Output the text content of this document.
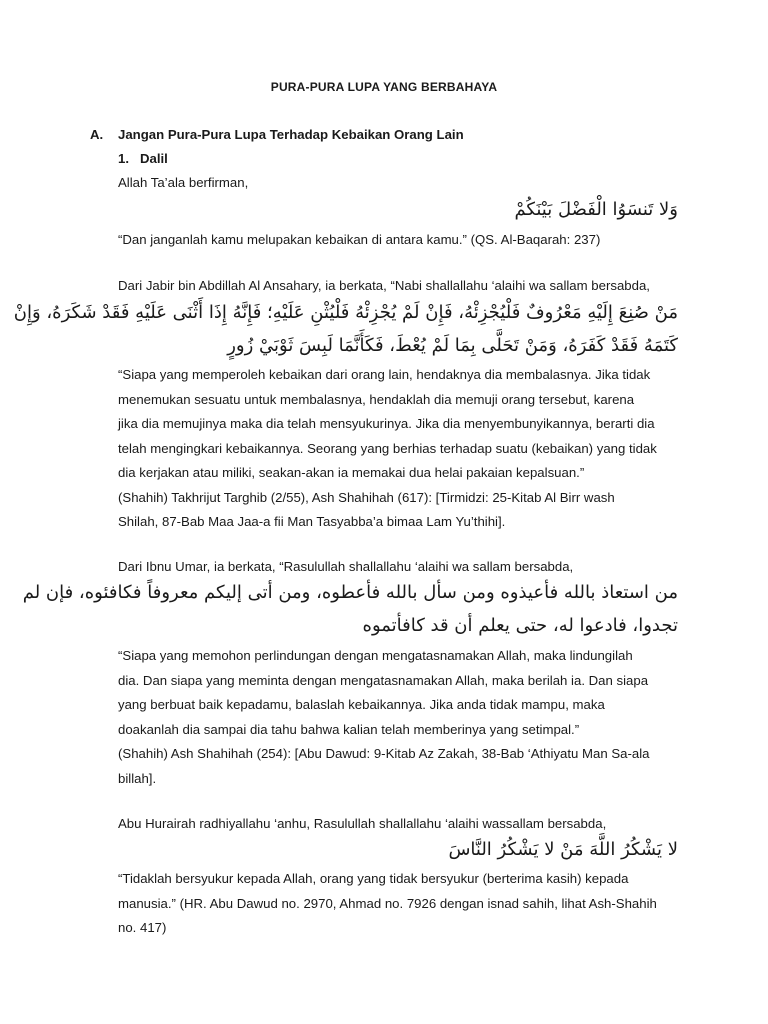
PURA-PURA LUPA YANG BERBAHAYA
A. Jangan Pura-Pura Lupa Terhadap Kebaikan Orang Lain
1. Dalil
Allah Ta’ala berfirman,
وَلا تَنسَوُا الْفَضْلَ بَيْنَكُمْ
“Dan janganlah kamu melupakan kebaikan di antara kamu.” (QS. Al-Baqarah: 237)
Dari Jabir bin Abdillah Al Ansahary, ia berkata, “Nabi shallallahu ‘alaihi wa sallam bersabda,
مَنْ صُنِعَ إِلَيْهِ مَعْرُوفٌ فَلْيُجْزِئْهُ، فَإِنْ لَمْ يُجْزِئْهُ فَلْيُثْنِ عَلَيْهِ؛ فَإِنَّهُ إِذَا أَثْنَى عَلَيْهِ فَقَدْ شَكَرَهُ، وَإِنْ
كَتَمَهُ فَقَدْ كَفَرَهُ، وَمَنْ تَحَلَّى بِمَا لَمْ يُعْطَ، فَكَأَنَّمَا لَبِسَ ثَوْبَيْ زُورٍ
“Siapa yang memperoleh kebaikan dari orang lain, hendaknya dia membalasnya. Jika tidak
menemukan sesuatu untuk membalasnya, hendaklah dia memuji orang tersebut, karena
jika dia memujinya maka dia telah mensyukurinya. Jika dia menyembunyikannya, berarti dia
telah mengingkari kebaikannya. Seorang yang berhias terhadap suatu (kebaikan) yang tidak
dia kerjakan atau miliki, seakan-akan ia memakai dua helai pakaian kepalsuan.”
(Shahih) Takhrijut Targhib (2/55), Ash Shahihah (617): [Tirmidzi: 25-Kitab Al Birr wash
Shilah, 87-Bab Maa Jaa-a fii Man Tasyabba’a bimaa Lam Yu’thihi].
Dari Ibnu Umar, ia berkata, “Rasulullah shallallahu ‘alaihi wa sallam bersabda,
من استعاذ بالله فأعيذوه ومن سأل بالله فأعطوه، ومن أتى إليكم معروفاً فكافئوه، فإن لم
تجدوا، فادعوا له، حتى يعلم أن قد كافأتموه
“Siapa yang memohon perlindungan dengan mengatasnamakan Allah, maka lindungilah
dia. Dan siapa yang meminta dengan mengatasnamakan Allah, maka berilah ia. Dan siapa
yang berbuat baik kepadamu, balaslah kebaikannya. Jika anda tidak mampu, maka
doakanlah dia sampai dia tahu bahwa kalian telah memberinya yang setimpal.”
(Shahih) Ash Shahihah (254): [Abu Dawud: 9-Kitab Az Zakah, 38-Bab ‘Athiyatu Man Sa-ala
billah].
Abu Hurairah radhiyallahu ‘anhu, Rasulullah shallallahu ‘alaihi wassallam bersabda,
لا يَشْكُرُ اللَّهَ مَنْ لا يَشْكُرُ النَّاسَ
“Tidaklah bersyukur kepada Allah, orang yang tidak bersyukur (berterima kasih) kepada
manusia.” (HR. Abu Dawud no. 2970, Ahmad no. 7926 dengan isnad sahih, lihat Ash-Shahih
no. 417)
